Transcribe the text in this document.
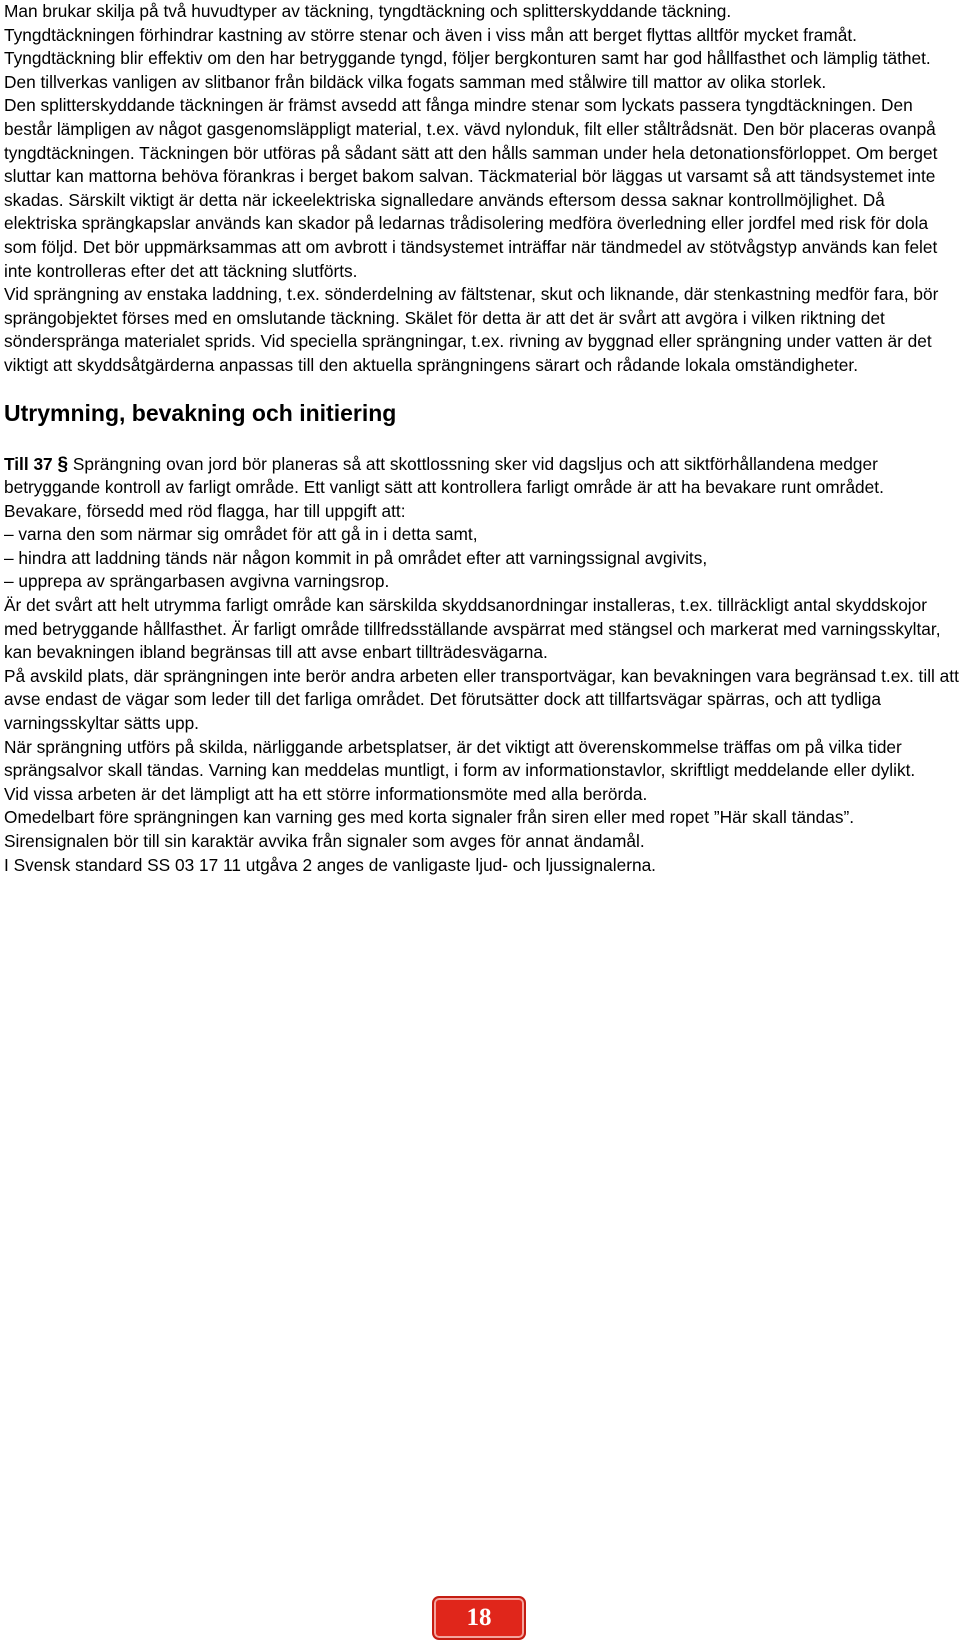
Man brukar skilja på två huvudtyper av täckning, tyngdtäckning och splitterskyddande täckning.

Tyngdtäckningen förhindrar kastning av större stenar och även i viss mån att berget flyttas alltför mycket framåt. Tyngdtäckning blir effektiv om den har betryggande tyngd, följer bergkonturen samt har god hållfasthet och lämplig täthet. Den tillverkas vanligen av slitbanor från bildäck vilka fogats samman med stålwire till mattor av olika storlek.

Den splitterskyddande täckningen är främst avsedd att fånga mindre stenar som lyckats passera tyngdtäckningen. Den består lämpligen av något gasgenomsläppligt material, t.ex. vävd nylonduk, filt eller ståltrådsnät. Den bör placeras ovanpå tyngdtäckningen. Täckningen bör utföras på sådant sätt att den hålls samman under hela detonationsförloppet. Om berget sluttar kan mattorna behöva förankras i berget bakom salvan. Täckmaterial bör läggas ut varsamt så att tändsystemet inte skadas. Särskilt viktigt är detta när ickeelektriska signalledare används eftersom dessa saknar kontrollmöjlighet. Då elektriska sprängkapslar används kan skador på ledarnas trådisolering medföra överledning eller jordfel med risk för dola som följd. Det bör uppmärksammas att om avbrott i tändsystemet inträffar när tändmedel av stötvågstyp används kan felet inte kontrolleras efter det att täckning slutförts.

Vid sprängning av enstaka laddning, t.ex. sönderdelning av fältstenar, skut och liknande, där stenkastning medför fara, bör sprängobjektet förses med en omslutande täckning. Skälet för detta är att det är svårt att avgöra i vilken riktning det sönderspränga materialet sprids. Vid speciella sprängningar, t.ex. rivning av byggnad eller sprängning under vatten är det viktigt att skyddsåtgärderna anpassas till den aktuella sprängningens särart och rådande lokala omständigheter.

Utrymning, bevakning och initiering

Till 37 § Sprängning ovan jord bör planeras så att skottlossning sker vid dagsljus och att siktförhållandena medger betryggande kontroll av farligt område. Ett vanligt sätt att kontrollera farligt område är att ha bevakare runt området.

Bevakare, försedd med röd flagga, har till uppgift att:

– varna den som närmar sig området för att gå in i detta samt,

– hindra att laddning tänds när någon kommit in på området efter att varningssignal avgivits,

– upprepa av sprängarbasen avgivna varningsrop.

Är det svårt att helt utrymma farligt område kan särskilda skyddsanordningar installeras, t.ex. tillräckligt antal skyddskojor med betryggande hållfasthet. Är farligt område tillfredsställande avspärrat med stängsel och markerat med varningsskyltar, kan bevakningen ibland begränsas till att avse enbart tillträdesvägarna.

På avskild plats, där sprängningen inte berör andra arbeten eller transportvägar, kan bevakningen vara begränsad t.ex. till att avse endast de vägar som leder till det farliga området. Det förutsätter dock att tillfartsvägar spärras, och att tydliga varningsskyltar sätts upp.

När sprängning utförs på skilda, närliggande arbetsplatser, är det viktigt att överenskommelse träffas om på vilka tider sprängsalvor skall tändas. Varning kan meddelas muntligt, i form av informationstavlor, skriftligt meddelande eller dylikt.

Vid vissa arbeten är det lämpligt att ha ett större informationsmöte med alla berörda.

Omedelbart före sprängningen kan varning ges med korta signaler från siren eller med ropet ”Här skall tändas”. Sirensignalen bör till sin karaktär avvika från signaler som avges för annat ändamål.

I Svensk standard SS 03 17 11 utgåva 2 anges de vanligaste ljud- och ljussignalerna.

18
